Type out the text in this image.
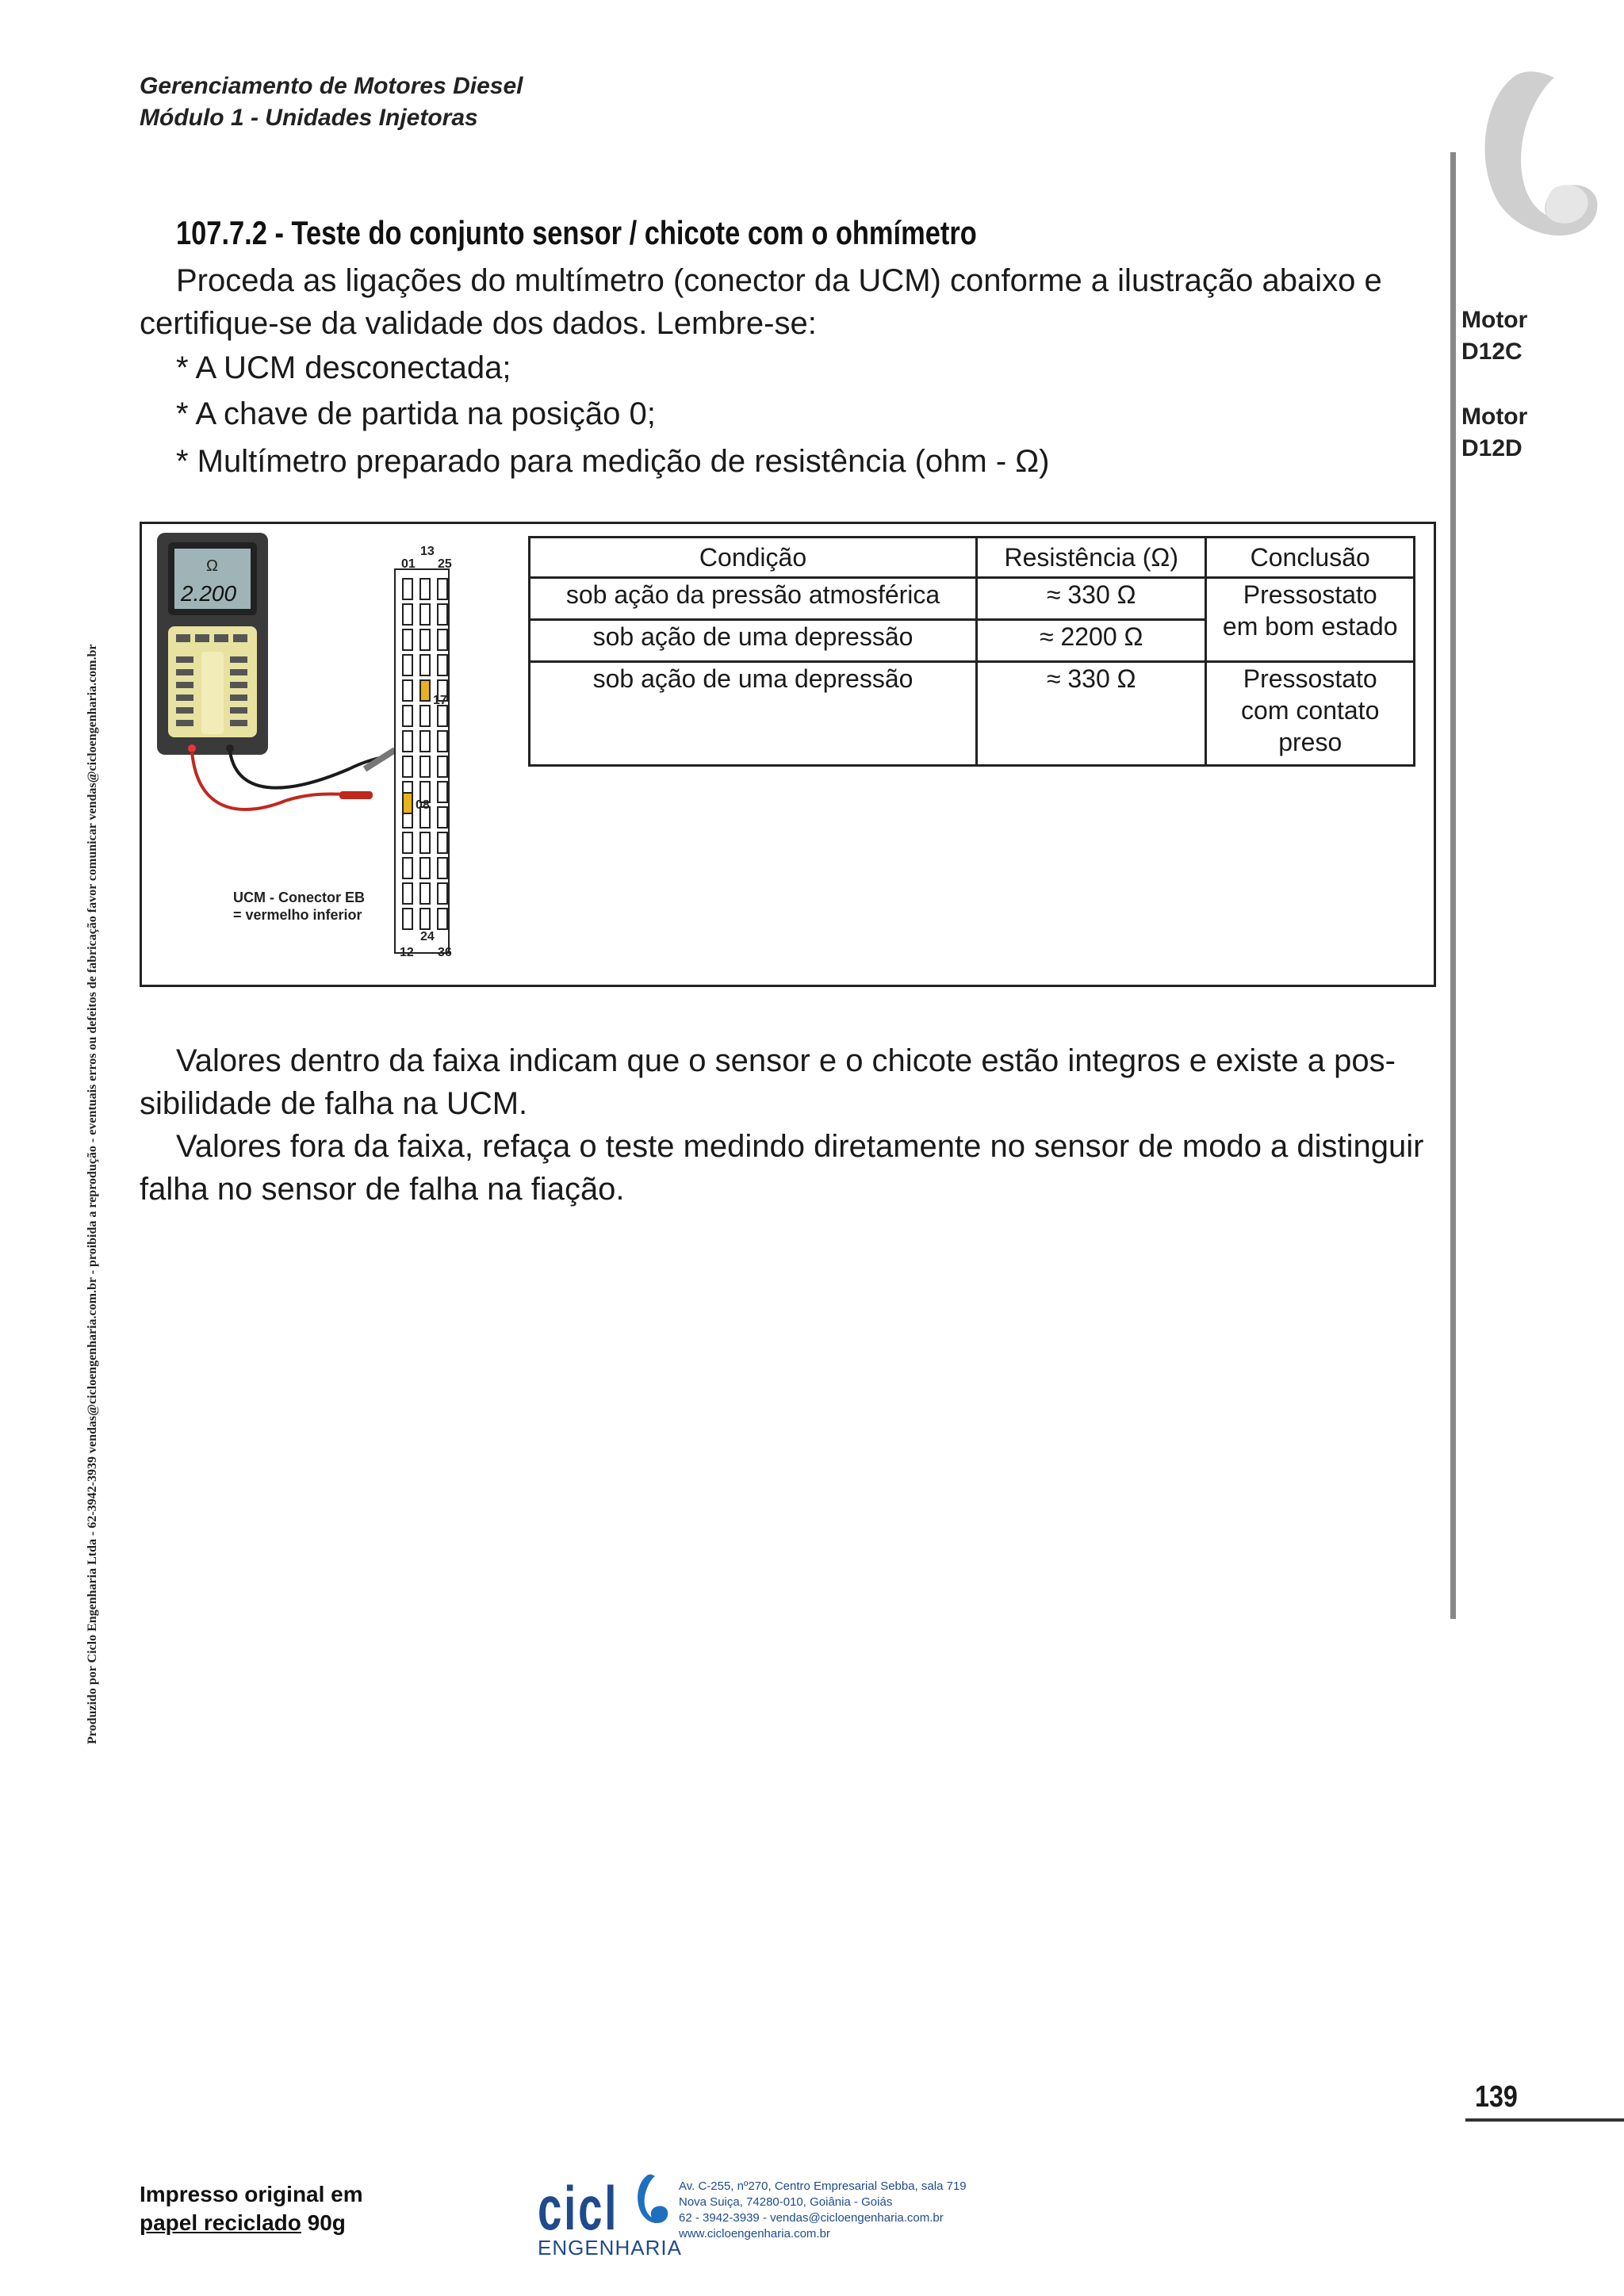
Gerenciamento de Motores Diesel
Módulo 1 - Unidades Injetoras
Motor
D12C
Motor
D12D
107.7.2 - Teste do conjunto sensor / chicote com o ohmímetro
Proceda as ligações do multímetro (conector da UCM) conforme a ilustração abaixo e
certifique-se da validade dos dados. Lembre-se:
* A UCM desconectada;
* A chave de partida na posição 0;
* Multímetro preparado para medição de resistência (ohm - Ω)
Ω
2.200
13
01 25
17
08
24
12 36
UCM - Conector EB
= vermelho inferior
Condição	Resistência (Ω)	Conclusão
sob ação da pressão atmosférica	≈ 330 Ω	Pressostato
em bom estado

sob ação de uma depressão	≈ 2200 Ω	
sob ação de uma depressão	≈ 330 Ω	Pressostato
com contato
preso
Valores dentro da faixa indicam que o sensor e o chicote estão integros e existe a pos-
sibilidade de falha na UCM.
Valores fora da faixa, refaça o teste medindo diretamente no sensor de modo a distinguir
falha no sensor de falha na fiação.
Produzido por Ciclo Engenharia Ltda - 62-3942-3939 vendas@cicloengenharia.com.br - proibida a reprodução - eventuais erros ou defeitos de fabricação favor comunicar vendas@cicloengenharia.com.br
139
Impresso original em
papel reciclado 90g	cicl
ENGENHARIA
Av. C-255, nº270, Centro Empresarial Sebba, sala 719
Nova Suiça, 74280-010, Goiânia - Goiás
62 - 3942-3939 - vendas@cicloengenharia.com.br
www.cicloengenharia.com.br
